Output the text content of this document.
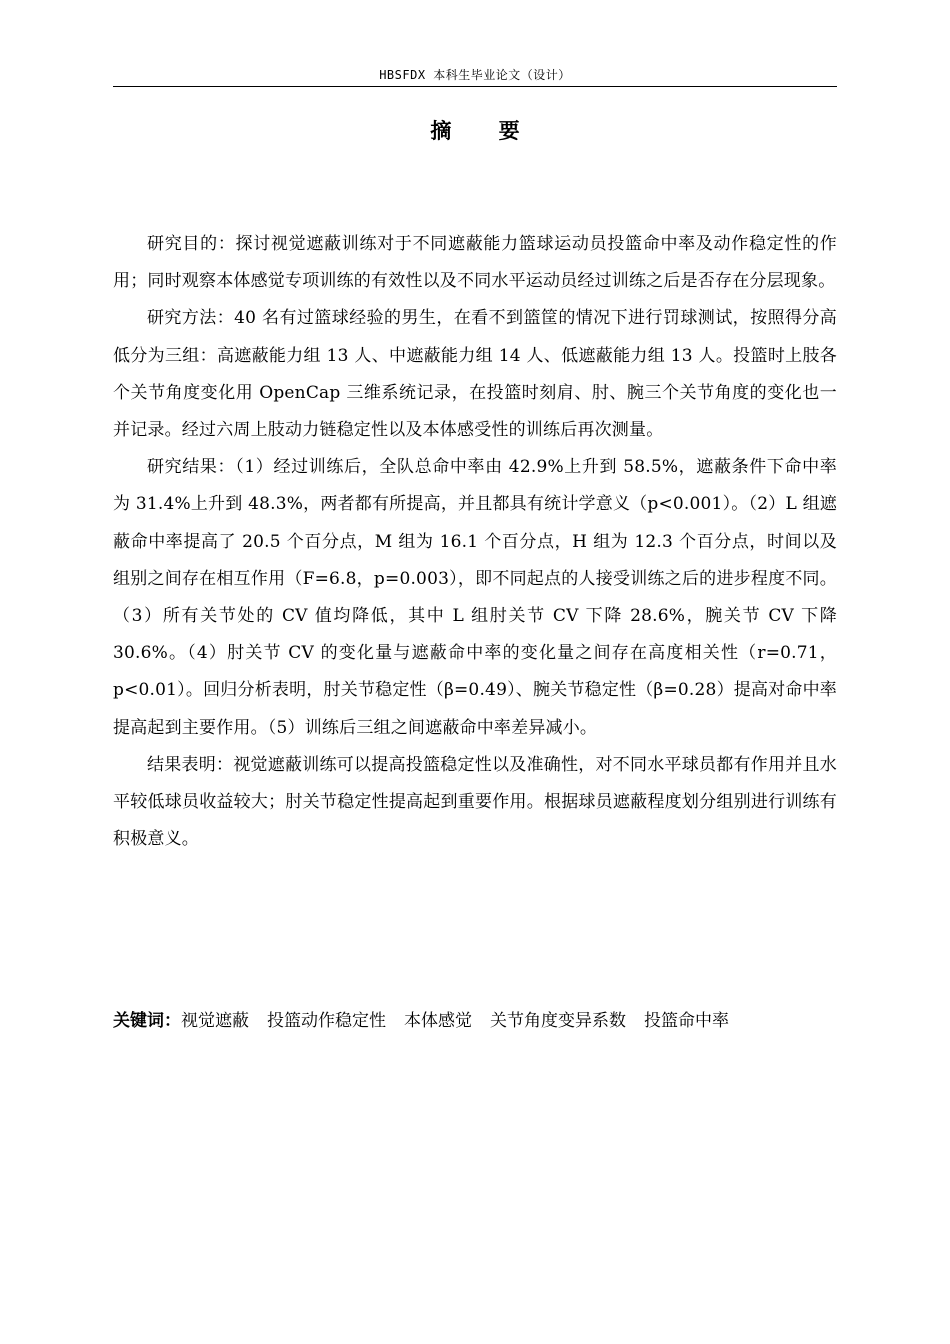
HBSFDX 本科生毕业论文（设计）
摘 要

研究目的：探讨视觉遮蔽训练对于不同遮蔽能力篮球运动员投篮命中率及动作稳定性的作用；同时观察本体感觉专项训练的有效性以及不同水平运动员经过训练之后是否存在分层现象。

研究方法：40 名有过篮球经验的男生，在看不到篮筐的情况下进行罚球测试，按照得分高低分为三组：高遮蔽能力组 13 人、中遮蔽能力组 14 人、低遮蔽能力组 13 人。投篮时上肢各个关节角度变化用 OpenCap 三维系统记录，在投篮时刻肩、肘、腕三个关节角度的变化也一并记录。经过六周上肢动力链稳定性以及本体感受性的训练后再次测量。

研究结果：（1）经过训练后，全队总命中率由 42.9%上升到 58.5%，遮蔽条件下命中率为 31.4%上升到 48.3%，两者都有所提高，并且都具有统计学意义（p<0.001）。（2）L 组遮蔽命中率提高了 20.5 个百分点，M 组为 16.1 个百分点，H 组为 12.3 个百分点，时间以及组别之间存在相互作用（F=6.8，p=0.003），即不同起点的人接受训练之后的进步程度不同。（3）所有关节处的 CV 值均降低，其中 L 组肘关节 CV 下降 28.6%，腕关节 CV 下降 30.6%。（4）肘关节 CV 的变化量与遮蔽命中率的变化量之间存在高度相关性（r=0.71，p<0.01）。回归分析表明，肘关节稳定性（β=0.49）、腕关节稳定性（β=0.28）提高对命中率提高起到主要作用。（5）训练后三组之间遮蔽命中率差异减小。

结果表明：视觉遮蔽训练可以提高投篮稳定性以及准确性，对不同水平球员都有作用并且水平较低球员收益较大；肘关节稳定性提高起到重要作用。根据球员遮蔽程度划分组别进行训练有积极意义。

关键词：视觉遮蔽 投篮动作稳定性 本体感觉 关节角度变异系数 投篮命中率
